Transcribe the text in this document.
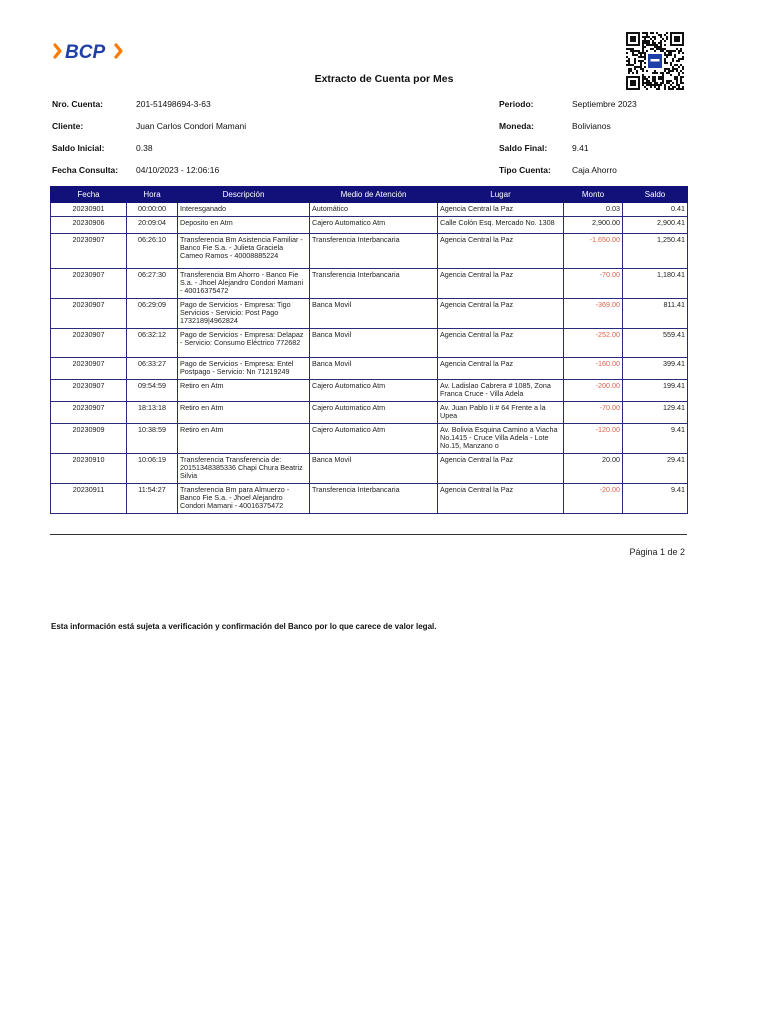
BCP
Extracto de Cuenta por Mes
Nro. Cuenta:	201-51498694-3-63
Cliente:	Juan Carlos Condori Mamani
Saldo Inicial:	0.38
Fecha Consulta: 04/10/2023 - 12:06:16
Periodo:	Septiembre 2023
Moneda:	Bolivianos
Saldo Final:	9.41
Tipo Cuenta: Caja Ahorro
Fecha	Hora	Descripción	Medio de Atención	Lugar	Monto	Saldo
20230901	00:00:00	Interesganado	Automático	Agencia Central la Paz	0.03	0.41
20230906	20:09:04	Deposito en Atm	Cajero Automatico Atm	Calle Colón Esq. Mercado No. 1308	2,900.00	2,900.41
20230907	06:26:10	Transferencia Bm Asistencia Familiar - Banco Fie S.a. - Julieta Graciela Cameo Ramos - 40008885224	Transferencia Interbancaria	Agencia Central la Paz	-1,650.00	1,250.41
20230907	06:27:30	Transferencia Bm Ahorro - Banco Fie S.a. - Jhoel Alejandro Condori Mamani - 40016375472	Transferencia Interbancaria	Agencia Central la Paz	-70.00	1,180.41
20230907	06:29:09	Pago de Servicios - Empresa: Tigo Servicios - Servicio: Post Pago 1732189|4962824	Banca Movil	Agencia Central la Paz	-369.00	811.41
20230907	06:32:12	Pago de Servicios - Empresa: Delapaz - Servicio: Consumo Eléctrico 772682	Banca Movil	Agencia Central la Paz	-252.00	559.41
20230907	06:33:27	Pago de Servicios - Empresa: Entel Postpago - Servicio: Nn 71219249	Banca Movil	Agencia Central la Paz	-160.00	399.41
20230907	09:54:59	Retiro en Atm	Cajero Automatico Atm	Av. Ladislao Cabrera # 1085, Zona Franca Cruce - Villa Adela	-200.00	199.41
20230907	18:13:18	Retiro en Atm	Cajero Automatico Atm	Av. Juan Pablo Ii # 64 Frente a la Upea	-70.00	129.41
20230909	10:38:59	Retiro en Atm	Cajero Automatico Atm	Av. Bolivia Esquina Camino a Viacha No.1415 - Cruce Villa Adela - Lote No.15, Manzano o	-120.00	9.41
20230910	10:06:19	Transferencia Transferencia de: 20151348385336 Chapi Chura Beatriz Silvia	Banca Movil	Agencia Central la Paz	20.00	29.41
20230911	11:54:27	Transferencia Bm para Almuerzo - Banco Fie S.a. - Jhoel Alejandro Condori Mamani - 40016375472	Transferencia Interbancaria	Agencia Central la Paz	-20.00	9.41
Página 1 de 2
Esta información está sujeta a verificación y confirmación del Banco por lo que carece de valor legal.
